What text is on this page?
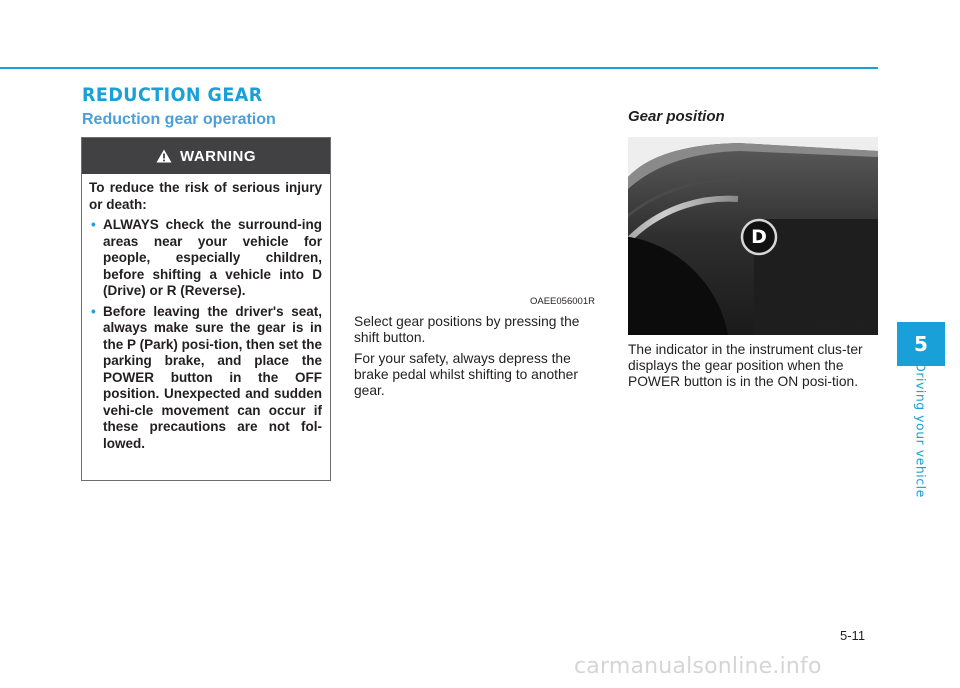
REDUCTION GEAR
Reduction gear operation
WARNING

To reduce the risk of serious injury or death:

• ALWAYS check the surround-ing areas near your vehicle for people, especially children, before shifting a vehicle into D (Drive) or R (Reverse).
• Before leaving the driver's seat, always make sure the gear is in the P (Park) posi-tion, then set the parking brake, and place the POWER button in the OFF position. Unexpected and sudden vehi-cle movement can occur if these precautions are not fol-lowed.
OAEE056001R

Select gear positions by pressing the shift button.

For your safety, always depress the brake pedal whilst shifting to another gear.

Gear position
D
OAEE046103

The indicator in the instrument clus-ter displays the gear position when the POWER button is in the ON posi-tion.

5
Driving your vehicle
5-11
carmanualsonline.info
